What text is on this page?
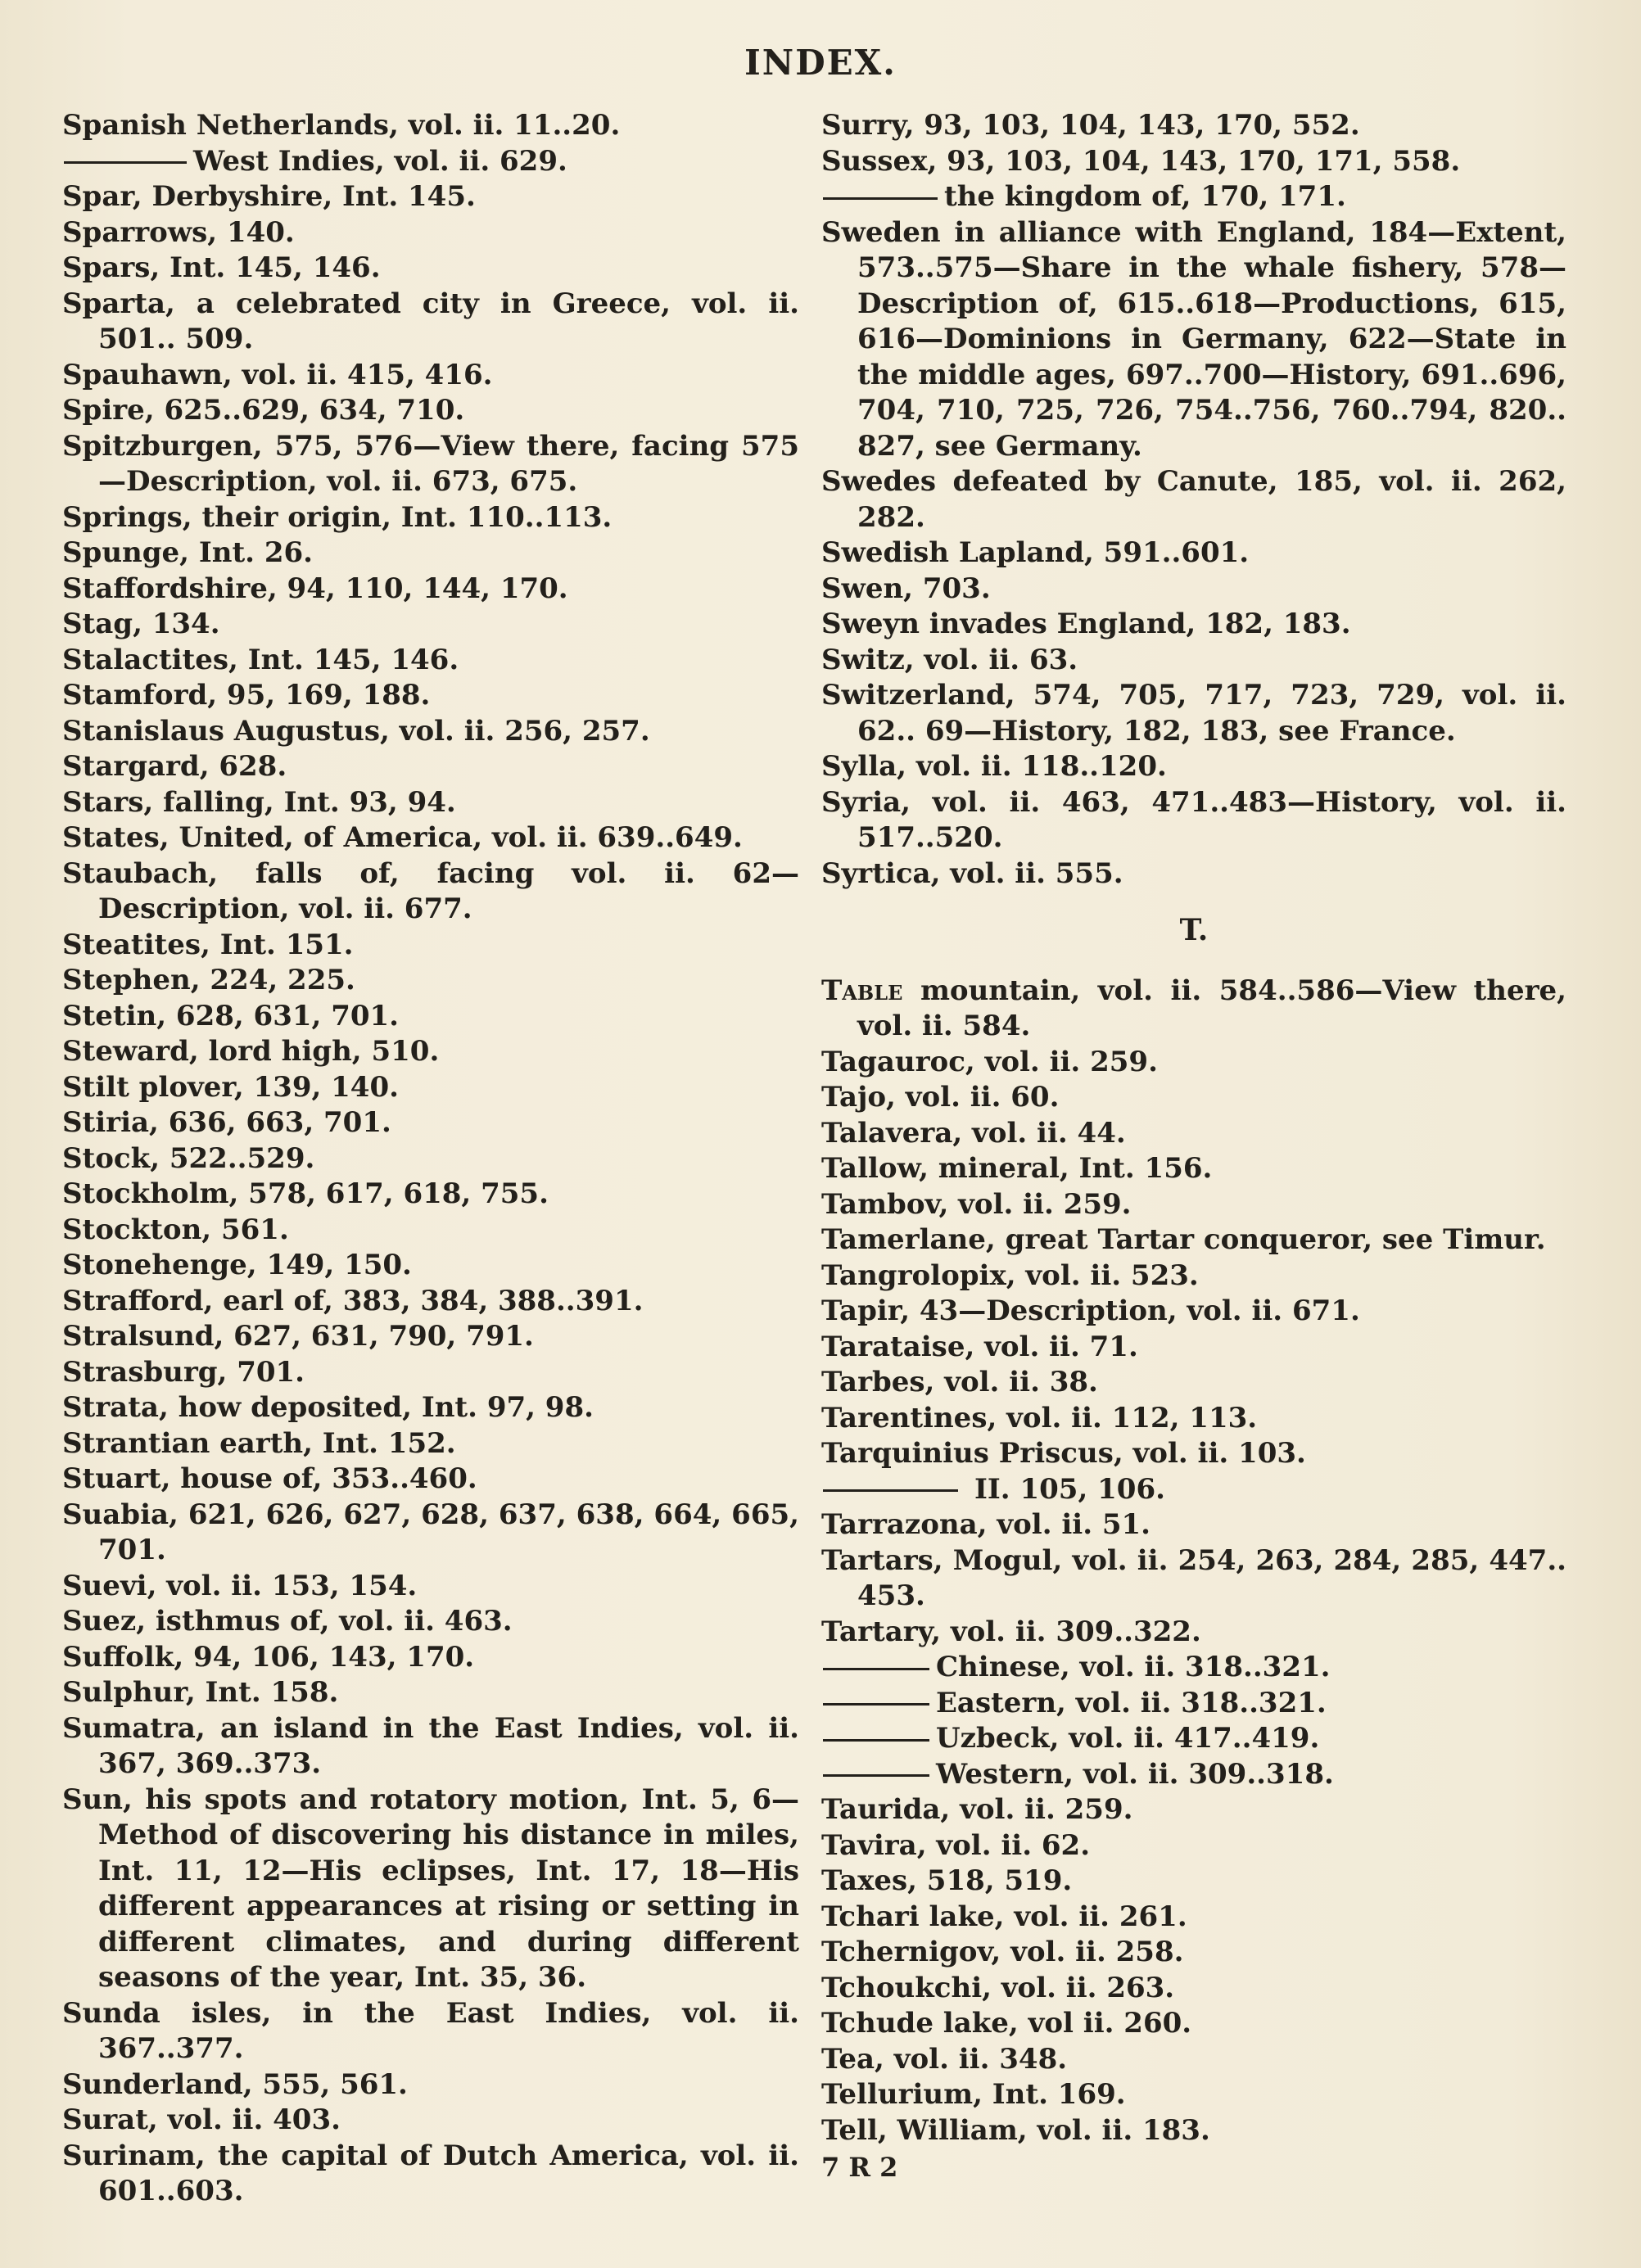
INDEX.

Spanish Netherlands, vol. ii. 11..20.

West Indies, vol. ii. 629.

Spar, Derbyshire, Int. 145.

Sparrows, 140.

Spars, Int. 145, 146.

Sparta, a celebrated city in Greece, vol. ii. 501.. 509.

Spauhawn, vol. ii. 415, 416.

Spire, 625..629, 634, 710.

Spitzburgen, 575, 576—View there, facing 575—Description, vol. ii. 673, 675.

Springs, their origin, Int. 110..113.

Spunge, Int. 26.

Staffordshire, 94, 110, 144, 170.

Stag, 134.

Stalactites, Int. 145, 146.

Stamford, 95, 169, 188.

Stanislaus Augustus, vol. ii. 256, 257.

Stargard, 628.

Stars, falling, Int. 93, 94.

States, United, of America, vol. ii. 639..649.

Staubach, falls of, facing vol. ii. 62—Description, vol. ii. 677.

Steatites, Int. 151.

Stephen, 224, 225.

Stetin, 628, 631, 701.

Steward, lord high, 510.

Stilt plover, 139, 140.

Stiria, 636, 663, 701.

Stock, 522..529.

Stockholm, 578, 617, 618, 755.

Stockton, 561.

Stonehenge, 149, 150.

Strafford, earl of, 383, 384, 388..391.

Stralsund, 627, 631, 790, 791.

Strasburg, 701.

Strata, how deposited, Int. 97, 98.

Strantian earth, Int. 152.

Stuart, house of, 353..460.

Suabia, 621, 626, 627, 628, 637, 638, 664, 665, 701.

Suevi, vol. ii. 153, 154.

Suez, isthmus of, vol. ii. 463.

Suffolk, 94, 106, 143, 170.

Sulphur, Int. 158.

Sumatra, an island in the East Indies, vol. ii. 367, 369..373.

Sun, his spots and rotatory motion, Int. 5, 6—Method of discovering his distance in miles, Int. 11, 12—His eclipses, Int. 17, 18—His different appearances at rising or setting in different climates, and during different seasons of the year, Int. 35, 36.

Sunda isles, in the East Indies, vol. ii. 367..377.

Sunderland, 555, 561.

Surat, vol. ii. 403.

Surinam, the capital of Dutch America, vol. ii. 601..603.

Surry, 93, 103, 104, 143, 170, 552.

Sussex, 93, 103, 104, 143, 170, 171, 558.

the kingdom of, 170, 171.

Sweden in alliance with England, 184—Extent, 573..575—Share in the whale fishery, 578—Description of, 615..618—Productions, 615, 616—Dominions in Germany, 622—State in the middle ages, 697..700—History, 691..696, 704, 710, 725, 726, 754..756, 760..794, 820.. 827, see Germany.

Swedes defeated by Canute, 185, vol. ii. 262, 282.

Swedish Lapland, 591..601.

Swen, 703.

Sweyn invades England, 182, 183.

Switz, vol. ii. 63.

Switzerland, 574, 705, 717, 723, 729, vol. ii. 62.. 69—History, 182, 183, see France.

Sylla, vol. ii. 118..120.

Syria, vol. ii. 463, 471..483—History, vol. ii. 517..520.

Syrtica, vol. ii. 555.

T.

Table mountain, vol. ii. 584..586—View there, vol. ii. 584.

Tagauroc, vol. ii. 259.

Tajo, vol. ii. 60.

Talavera, vol. ii. 44.

Tallow, mineral, Int. 156.

Tambov, vol. ii. 259.

Tamerlane, great Tartar conqueror, see Timur.

Tangrolopix, vol. ii. 523.

Tapir, 43—Description, vol. ii. 671.

Tarataise, vol. ii. 71.

Tarbes, vol. ii. 38.

Tarentines, vol. ii. 112, 113.

Tarquinius Priscus, vol. ii. 103.

II. 105, 106.

Tarrazona, vol. ii. 51.

Tartars, Mogul, vol. ii. 254, 263, 284, 285, 447.. 453.

Tartary, vol. ii. 309..322.

Chinese, vol. ii. 318..321.

Eastern, vol. ii. 318..321.

Uzbeck, vol. ii. 417..419.

Western, vol. ii. 309..318.

Taurida, vol. ii. 259.

Tavira, vol. ii. 62.

Taxes, 518, 519.

Tchari lake, vol. ii. 261.

Tchernigov, vol. ii. 258.

Tchoukchi, vol. ii. 263.

Tchude lake, vol ii. 260.

Tea, vol. ii. 348.

Tellurium, Int. 169.

Tell, William, vol. ii. 183.

7 R 2
